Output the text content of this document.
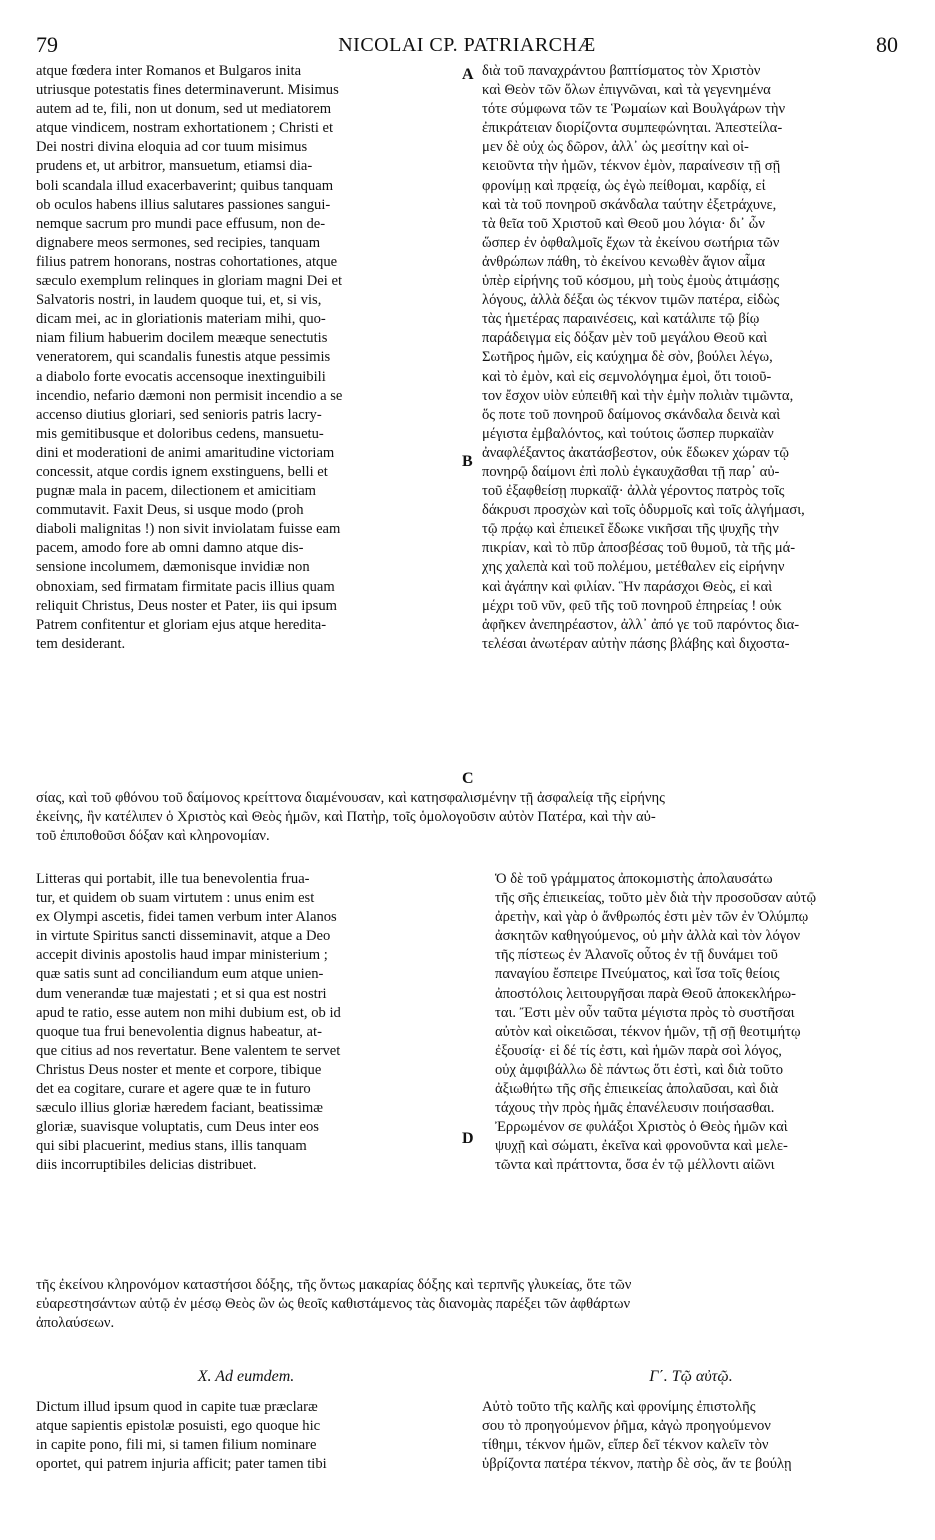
79	NICOLAI CP. PATRIARCHÆ	80
A
B
C
D
atque fœdera inter Romanos et Bulgaros inita
utriusque potestatis fines determinaverunt. Misimus
autem ad te, fili, non ut donum, sed ut mediatorem
atque vindicem, nostram exhortationem ; Christi et
Dei nostri divina eloquia ad cor tuum misimus
prudens et, ut arbitror, mansuetum, etiamsi dia-
boli scandala illud exacerbaverint; quibus tanquam
ob oculos habens illius salutares passiones sangui-
nemque sacrum pro mundi pace effusum, non de-
dignabere meos sermones, sed recipies, tanquam
filius patrem honorans, nostras cohortationes, atque
sæculo exemplum relinques in gloriam magni Dei et
Salvatoris nostri, in laudem quoque tui, et, si vis,
dicam mei, ac in gloriationis materiam mihi, quo-
niam filium habuerim docilem meæque senectutis
veneratorem, qui scandalis funestis atque pessimis
a diabolo forte evocatis accensoque inextinguibili
incendio, nefario dæmoni non permisit incendio a se
accenso diutius gloriari, sed senioris patris lacry-
mis gemitibusque et doloribus cedens, mansuetu-
dini et moderationi de animi amaritudine victoriam
concessit, atque cordis ignem exstinguens, belli et
pugnæ mala in pacem, dilectionem et amicitiam
commutavit. Faxit Deus, si usque modo (proh
diaboli malignitas !) non sivit inviolatam fuisse eam
pacem, amodo fore ab omni damno atque dis-
sensione incolumem, dæmonisque invidiæ non
obnoxiam, sed firmatam firmitate pacis illius quam
reliquit Christus, Deus noster et Pater, iis qui ipsum
Patrem confitentur et gloriam ejus atque heredita-
tem desiderant.
διὰ τοῦ παναχράντου βαπτίσματος τὸν Χριστὸν
καὶ Θεὸν τῶν ὅλων ἐπιγνῶναι, καὶ τὰ γεγενημένα
τότε σύμφωνα τῶν τε Ῥωμαίων καὶ Βουλγάρων τὴν
ἐπικράτειαν διορίζοντα συμπεφώνηται. Ἀπεστείλα-
μεν δὲ οὐχ ὡς δῶρον, ἀλλ᾽ ὡς μεσίτην καὶ οἰ-
κειοῦντα τὴν ἡμῶν, τέκνον ἐμὸν, παραίνεσιν τῇ σῇ
φρονίμῃ καὶ πρᾳείᾳ, ὡς ἐγὼ πείθομαι, καρδίᾳ, εἰ
καὶ τὰ τοῦ πονηροῦ σκάνδαλα ταύτην ἐξετράχυνε,
τὰ θεῖα τοῦ Χριστοῦ καὶ Θεοῦ μου λόγια· δι᾽ ὧν
ὥσπερ ἐν ὀφθαλμοῖς ἔχων τὰ ἐκείνου σωτήρια τῶν
ἀνθρώπων πάθη, τὸ ἐκείνου κενωθὲν ἅγιον αἷμα
ὑπὲρ εἰρήνης τοῦ κόσμου, μὴ τοὺς ἐμοὺς ἀτιμάσῃς
λόγους, ἀλλὰ δέξαι ὡς τέκνον τιμῶν πατέρα, εἰδὼς
τὰς ἡμετέρας παραινέσεις, καὶ κατάλιπε τῷ βίῳ
παράδειγμα εἰς δόξαν μὲν τοῦ μεγάλου Θεοῦ καὶ
Σωτῆρος ἡμῶν, εἰς καύχημα δὲ σὸν, βούλει λέγω,
καὶ τὸ ἐμὸν, καὶ εἰς σεμνολόγημα ἐμοὶ, ὅτι τοιοῦ-
τον ἔσχον υἱὸν εὐπειθῆ καὶ τὴν ἐμὴν πολιὰν τιμῶντα,
ὅς ποτε τοῦ πονηροῦ δαίμονος σκάνδαλα δεινὰ καὶ
μέγιστα ἐμβαλόντος, καὶ τούτοις ὥσπερ πυρκαϊὰν
ἀναφλέξαντος ἀκατάσβεστον, οὐκ ἔδωκεν χώραν τῷ
πονηρῷ δαίμονι ἐπὶ πολὺ ἐγκαυχᾶσθαι τῇ παρ᾽ αὐ-
τοῦ ἐξαφθείσῃ πυρκαϊᾷ· ἀλλὰ γέροντος πατρὸς τοῖς
δάκρυσι προσχὼν καὶ τοῖς ὀδυρμοῖς καὶ τοῖς ἀλγήμασι,
τῷ πρᾴῳ καὶ ἐπιεικεῖ ἔδωκε νικῆσαι τῆς ψυχῆς τὴν
πικρίαν, καὶ τὸ πῦρ ἀποσβέσας τοῦ θυμοῦ, τὰ τῆς μά-
χης χαλεπὰ καὶ τοῦ πολέμου, μετέθαλεν εἰς εἰρήνην
καὶ ἀγάπην καὶ φιλίαν. Ἣν παράσχοι Θεὸς, εἰ καὶ
μέχρι τοῦ νῦν, φεῦ τῆς τοῦ πονηροῦ ἐπηρείας ! οὐκ
ἀφῆκεν ἀνεπηρέαστον, ἀλλ᾽ ἀπό γε τοῦ παρόντος δια-
τελέσαι ἀνωτέραν αὐτὴν πάσης βλάβης καὶ διχοστα-
σίας, καὶ τοῦ φθόνου τοῦ δαίμονος κρείττονα διαμένουσαν, καὶ κατησφαλισμένην τῇ ἀσφαλείᾳ τῆς εἰρήνης
ἐκείνης, ἣν κατέλιπεν ὁ Χριστὸς καὶ Θεὸς ἡμῶν, καὶ Πατὴρ, τοῖς ὁμολογοῦσιν αὐτὸν Πατέρα, καὶ τὴν αὐ-
τοῦ ἐπιποθοῦσι δόξαν καὶ κληρονομίαν.
Litteras qui portabit, ille tua benevolentia frua-
tur, et quidem ob suam virtutem : unus enim est
ex Olympi ascetis, fidei tamen verbum inter Alanos
in virtute Spiritus sancti disseminavit, atque a Deo
accepit divinis apostolis haud impar ministerium ;
quæ satis sunt ad conciliandum eum atque unien-
dum venerandæ tuæ majestati ; et si qua est nostri
apud te ratio, esse autem non mihi dubium est, ob id
quoque tua frui benevolentia dignus habeatur, at-
que citius ad nos revertatur. Bene valentem te servet
Christus Deus noster et mente et corpore, tibique
det ea cogitare, curare et agere quæ te in futuro
sæculo illius gloriæ hæredem faciant, beatissimæ
gloriæ, suavisque voluptatis, cum Deus inter eos
qui sibi placuerint, medius stans, illis tanquam
diis incorruptibiles delicias distribuet.
Ὁ δὲ τοῦ γράμματος ἀποκομιστὴς ἀπολαυσάτω
τῆς σῆς ἐπιεικείας, τοῦτο μὲν διὰ τὴν προσοῦσαν αὐτῷ
ἀρετὴν, καὶ γὰρ ὁ ἄνθρωπός ἐστι μὲν τῶν ἐν Ὀλύμπῳ
ἀσκητῶν καθηγούμενος, οὐ μὴν ἀλλὰ καὶ τὸν λόγον
τῆς πίστεως ἐν Ἀλανοῖς οὗτος ἐν τῇ δυνάμει τοῦ
παναγίου ἔσπειρε Πνεύματος, καὶ ἴσα τοῖς θείοις
ἀποστόλοις λειτουργῆσαι παρὰ Θεοῦ ἀποκεκλήρω-
ται. Ἔστι μὲν οὖν ταῦτα μέγιστα πρὸς τὸ συστῆσαι
αὐτὸν καὶ οἰκειῶσαι, τέκνον ἡμῶν, τῇ σῇ θεοτιμήτῳ
ἐξουσίᾳ· εἰ δέ τίς ἐστι, καὶ ἡμῶν παρὰ σοὶ λόγος,
οὐχ ἀμφιβάλλω δὲ πάντως ὅτι ἐστὶ, καὶ διὰ τοῦτο
ἀξιωθήτω τῆς σῆς ἐπιεικείας ἀπολαῦσαι, καὶ διὰ
τάχους τὴν πρὸς ἡμᾶς ἐπανέλευσιν ποιήσασθαι.
Ἐρρωμένον σε φυλάξοι Χριστὸς ὁ Θεὸς ἡμῶν καὶ
ψυχῇ καὶ σώματι, ἐκεῖνα καὶ φρονοῦντα καὶ μελε-
τῶντα καὶ πράττοντα, ὅσα ἐν τῷ μέλλοντι αἰῶνι
τῆς ἐκείνου κληρονόμον καταστήσοι δόξης, τῆς ὄντως μακαρίας δόξης καὶ τερπνῆς γλυκείας, ὅτε τῶν
εὐαρεστησάντων αὐτῷ ἐν μέσῳ Θεὸς ὢν ὡς θεοῖς καθιστάμενος τὰς διανομὰς παρέξει τῶν ἀφθάρτων
ἀπολαύσεων.
X. Ad eumdem.	Γ΄. Τῷ αὐτῷ.
Dictum illud ipsum quod in capite tuæ præclaræ
atque sapientis epistolæ posuisti, ego quoque hic
in capite pono, fili mi, si tamen filium nominare
oportet, qui patrem injuria afficit; pater tamen tibi
Αὐτὸ τοῦτο τῆς καλῆς καὶ φρονίμης ἐπιστολῆς
σου τὸ προηγούμενον ῥῆμα, κἀγὼ προηγούμενον
τίθημι, τέκνον ἡμῶν, εἴπερ δεῖ τέκνον καλεῖν τὸν
ὑβρίζοντα πατέρα τέκνον, πατὴρ δὲ σὸς, ἄν τε βούλῃ
